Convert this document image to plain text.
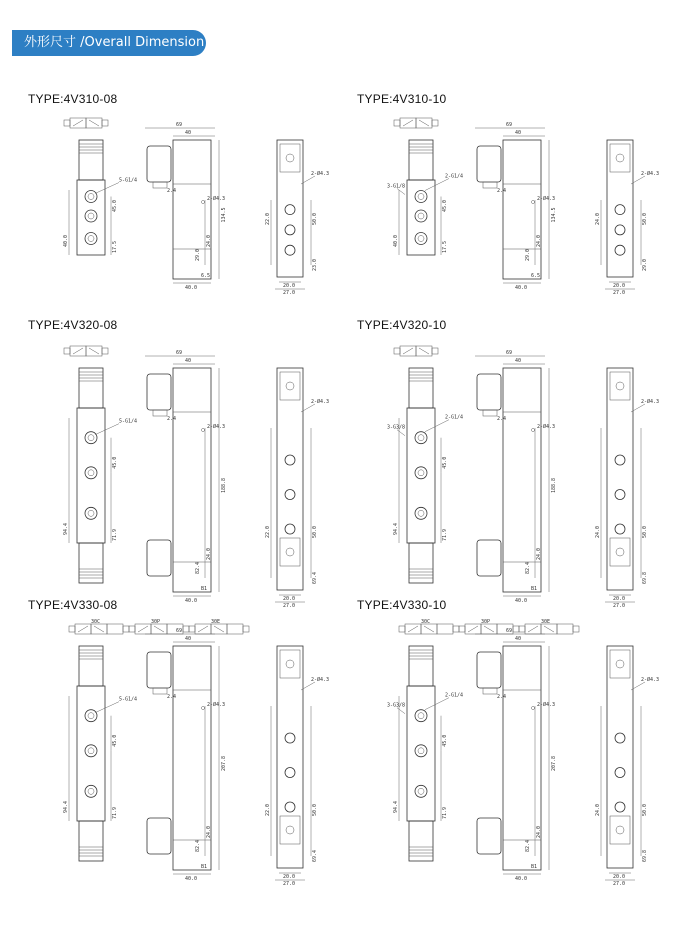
外形尺寸 /Overall Dimension
TYPE:4V310-08	TYPE:4V310-10
TYPE:4V320-08	TYPE:4V320-10
TYPE:4V330-08	TYPE:4V330-10
5-G1/4
40.0
45.0
17.5
69
40
2.4
134.5
24.0
29.0
2-Ø4.3
40.0
6.5
2-Ø4.3
22.0	50.0
23.0
20.0
27.0
3-G1/8
2-G1/4
40.0
45.0
17.5
69
40
2.4
134.5
24.0
29.0
2-Ø4.3
40.0
6.5
2-Ø4.3
24.0	50.0
29.0
20.0
27.0
5-G1/4
94.4
45.0
71.9
69
40
2.4
188.8
24.0
82.4
2-Ø4.3
40.0
B1
2-Ø4.3
22.0	50.0
69.4
20.0
27.0
3-G3/8
2-G1/4
94.4
45.0
71.9
69
40
2.4
188.8
24.0
82.4
2-Ø4.3
40.0
B1
2-Ø4.3
24.0	50.0
69.8
20.0
27.0
30C	30P	30E
5-G1/4
94.4
45.0
71.9
69
40
2.4
207.8
24.0
82.4
2-Ø4.3
40.0
B1
2-Ø4.3
22.0	50.0
69.4
20.0
27.0
30C	30P	30E
3-G3/8
2-G1/4
94.4
45.0
71.9
69
40
2.4
207.8
24.0
82.4
2-Ø4.3
40.0
B1
2-Ø4.3
24.0	50.0
69.8
20.0
27.0
